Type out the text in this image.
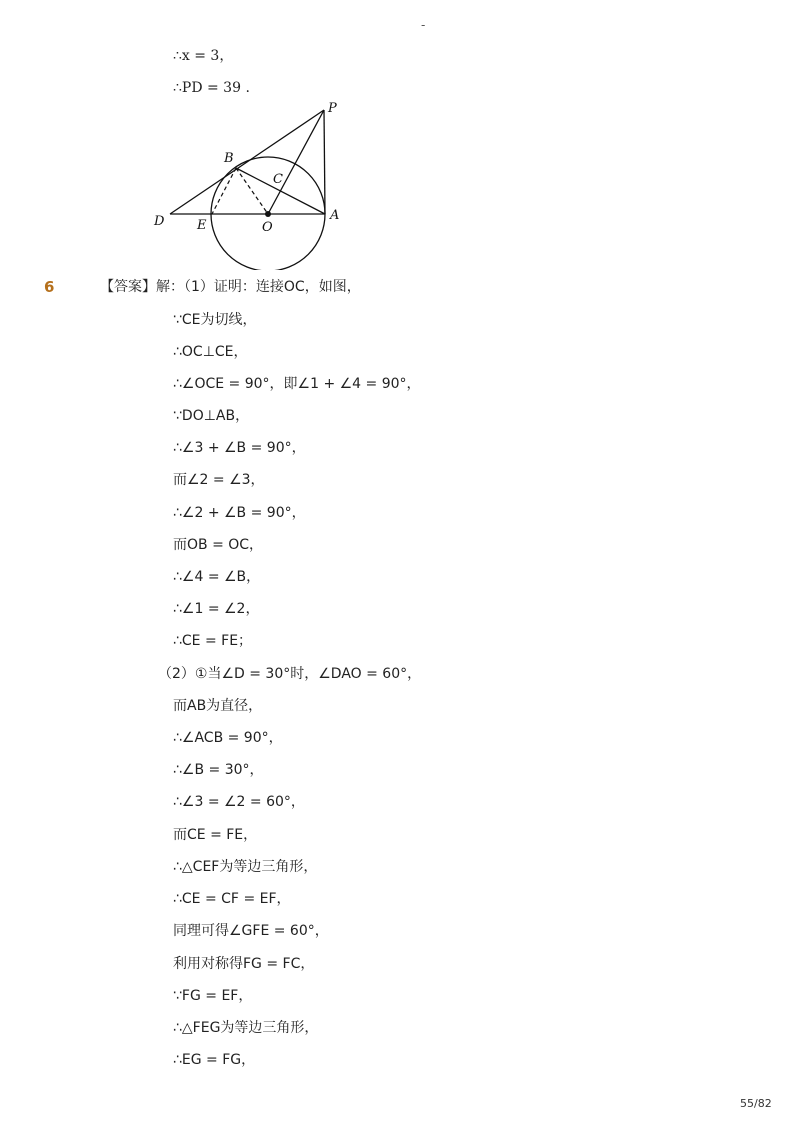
-
∴x = 3，
∴PD = 39 .
P
B
C
D	E	O
A
6	【答案】解：（1）证明：连接OC，如图，
∵CE为切线，
∴OC⊥CE，
∴∠OCE = 90°，即∠1 + ∠4 = 90°，
∵DO⊥AB，
∴∠3 + ∠B = 90°，
而∠2 = ∠3，
∴∠2 + ∠B = 90°，
而OB = OC，
∴∠4 = ∠B，
∴∠1 = ∠2，
∴CE = FE；
（2）①当∠D = 30°时，∠DAO = 60°，
而AB为直径，
∴∠ACB = 90°，
∴∠B = 30°，
∴∠3 = ∠2 = 60°，
而CE = FE，
∴△CEF为等边三角形，
∴CE = CF = EF，
同理可得∠GFE = 60°，
利用对称得FG = FC，
∵FG = EF，
∴△FEG为等边三角形，
∴EG = FG，
55/82
